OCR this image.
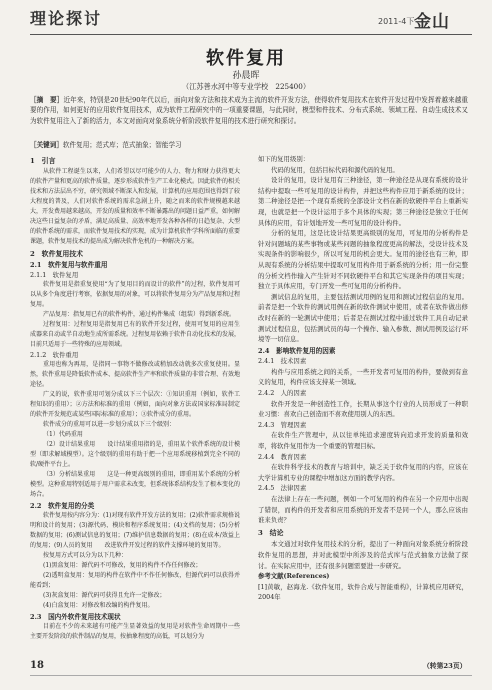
理论探讨	2011-4下 金山
软件复用
孙晨晖
（江苏善水河中等专业学校　225400）
［摘　要］近年来，特别是20世纪90年代以后，面向对象方法和技术成为主流的软件开发方法，使得软件复用技术在软件开发过程中发挥着越来越重要的作用，如何更好的应用软件复用技术，成为软件工程研究中的一项重要课题，与此同时，模型和件技术、分布式系统、领域工程、自动生成技术又为软件复用注入了新的活力，本文对面向对象系统分析阶段软件复用的技术进行研究和探讨。
［关键词］软件复用；范式库；范式抽象；智能学习
1　引言

从软件工程诞生以来，人们希望以尽可能少的人力、物力和财力获得更大的软件产量和更高的软件质量，逐步形成软件生产工业化模式。因此软件的相关技术和方法层出不穷，研究领域不断深入和发展，计算机的应用范围也得到了较大程度的普及，人们对软件系统的需求急剧上升，随之而来的软件规模越来越大，开发费用越来越高，开发的质量和效率不断暴露出的问题日益严重，如何解决这些日益复杂的矛盾，满足高质量、高效率地开发各种各样的日趋复杂、大型的软件系统的需求，而软件复用技术的实现，成为计算机软件学科所面临的重要课题，软件复用技术的提出成为解决软件危机的一种解决方案。

2　软件复用技术
2.1　软件复用与软件重用
2.1.1　软件复用

软件复用是指重复使用“为了复用目的而设计的软件”的过程，软件复用可以从多个角度进行考察，依据复用的对象，可以将软件复用分为产品复用和过程复用。

产品复用：指复用已有的软件构件，通过构件集成（组装）得到新系统。

过程复用：过程复用是指复用已有的软件开发过程，使用可复用的应用生成器来自动或半自动地生成所需系统。过程复用依赖于软件自动化技术的发展，目前只适用于一些特殊的应用领域。

2.1.2　软件重用

重用也称为再用，是指同一事物不做修改或稍加改动就多次重复使用。显然，软件重用是降低软件成本、提高软件生产率和软件质量的非常合理、有效地途径。

广义的说，软件重用可划分成以下三个层次：①知识重用（例如，软件工程知识的重用）；②方法和标准的重用（例如，面向对象方法或国家标准局制定的软件开发规范或某些国际标准的重用）；③软件成分的重用。

软件成分的重用可以进一步划分成以下三个级别：

（1）代码重用

（2）设计结果重用　　设计结果重用指的是，重用某个软件系统的设计模型（即求解域模型）。这个级别的重用有助于把一个应用系统移植到完全不同的软/硬件平台上。

（3）分析结果重用　　这是一种更高级别的重用，即重用某个系统的分析模型。这种重用特别适用于用户需求未改变，但系统体系结构发生了根本变化的场合。

2.2　软件复用的分类

软件复用按内容分为：(1)对现有软件开发方法的复用；(2)软件需求规格说明和设计的复用；(3)源代码、模块和程序系统复用；(4)文档的复用；(5)分析数据的复用；(6)测试信息的复用；(7)维护信息数据的复用；(8)在成本/效益上的复用；(9)人员的复用　　改进软件开发过程的软件支撑环境的复用等。

按复用方式可以分为以下几种：

(1)黑盒复用：源代码不可修改，复用的构件不作任何修改；

(2)透明盒复用：复用的构件在软件中不作任何修改，但源代码可以获得并能看到；

(3)灰盒复用：源代码可获得且允许一定修改；

(4)白盒复用：对修改和改编的构件复用。

2.3　国内外软件复用技术现状

目前在不少的未来越有可能产生显著效益的复用是对软件生命周期中一些主要开发阶段的软件制品的复用，按抽象程度的高低，可以划分为

如下的复用级别：

代码的复用，包括目标代码和源代码的复用。

设计的复用，设计复用有三种途径，第一种途径是从现有系统的设计结构中提取一些可复用的设计构件，并把这些构件应用于新系统的设计；第二种途径是把一个现有系统的全部设计文档在新的软硬件平台上重新实现，也就是把一个设计运用于多个具体的实现；第三种途径是独立于任何具体的应用，有计划地开发一些可复用的设计构件。

分析的复用，这是比设计结果更高级别的复用，可复用的分析构件是针对问题域的某些事物或某些问题的抽象程度更高的解法，受设计技术及实现条件的影响很少，所以可复用的机会更大。复用的途径也有三种，即从现有系统的分析结果中提取可复用构件用于新系统的分析；用一份完整的分析文档作输入产生针对不同软硬件平台和其它实现条件的项目实现；独立于具体应用，专门开发一些可复用的分析构件。

测试信息的复用，主要包括测试用例的复用和测试过程信息的复用。前者是把一个软件的测试用例在新的软件测试中使用，或者在软件做出修改时在新的一轮测试中使用；后者是在测试过程中通过软件工具自动记录测试过程信息，包括测试员的每一个操作、输入参数、测试用例及运行环境等一切信息。

2.4　影响软件复用的因素
2.4.1　技术因素

构件与应用系统之间的关系，一些开发者可复用的构件，要做到有意义的复用，构件应该支持某一领域。

2.4.2　人的因素

软件开发是一种创造性工作，长期从事这个行业的人员形成了一种职业习惯：喜欢自己创造而不喜欢使用别人的东西。

2.4.3　管理因素

在软件生产管理中，从以往单纯追求速度转向追求开发的质量和效率，将软件复用作为一个重要的管理目标。

2.4.4　教育因素

在软件科学技术的教育与培训中，缺乏关于软件复用的内容，应该在大学计算机专业的课程中增加这方面的教学内容。

2.4.5　法律因素

在法律上存在一些问题，例如一个可复用的构件在另一个应用中出现了错误，而构件的开发者和应用系统的开发者不是同一个人，那么应该由谁来负责？

3　结论

本文通过对软件复用技术的分析，提出了一种面向对象系统分析阶段软件复用的思想，并对此模型中所涉及的范式库与范式抽象方法做了探讨。在实际应用中，还有很多问题需要进一步研究。

参考文献(References)

[1]黄敏，赵海龙.《软件复用，软件合成与智能重构》，计算机应用研究，2004年

18	（转第23页）
